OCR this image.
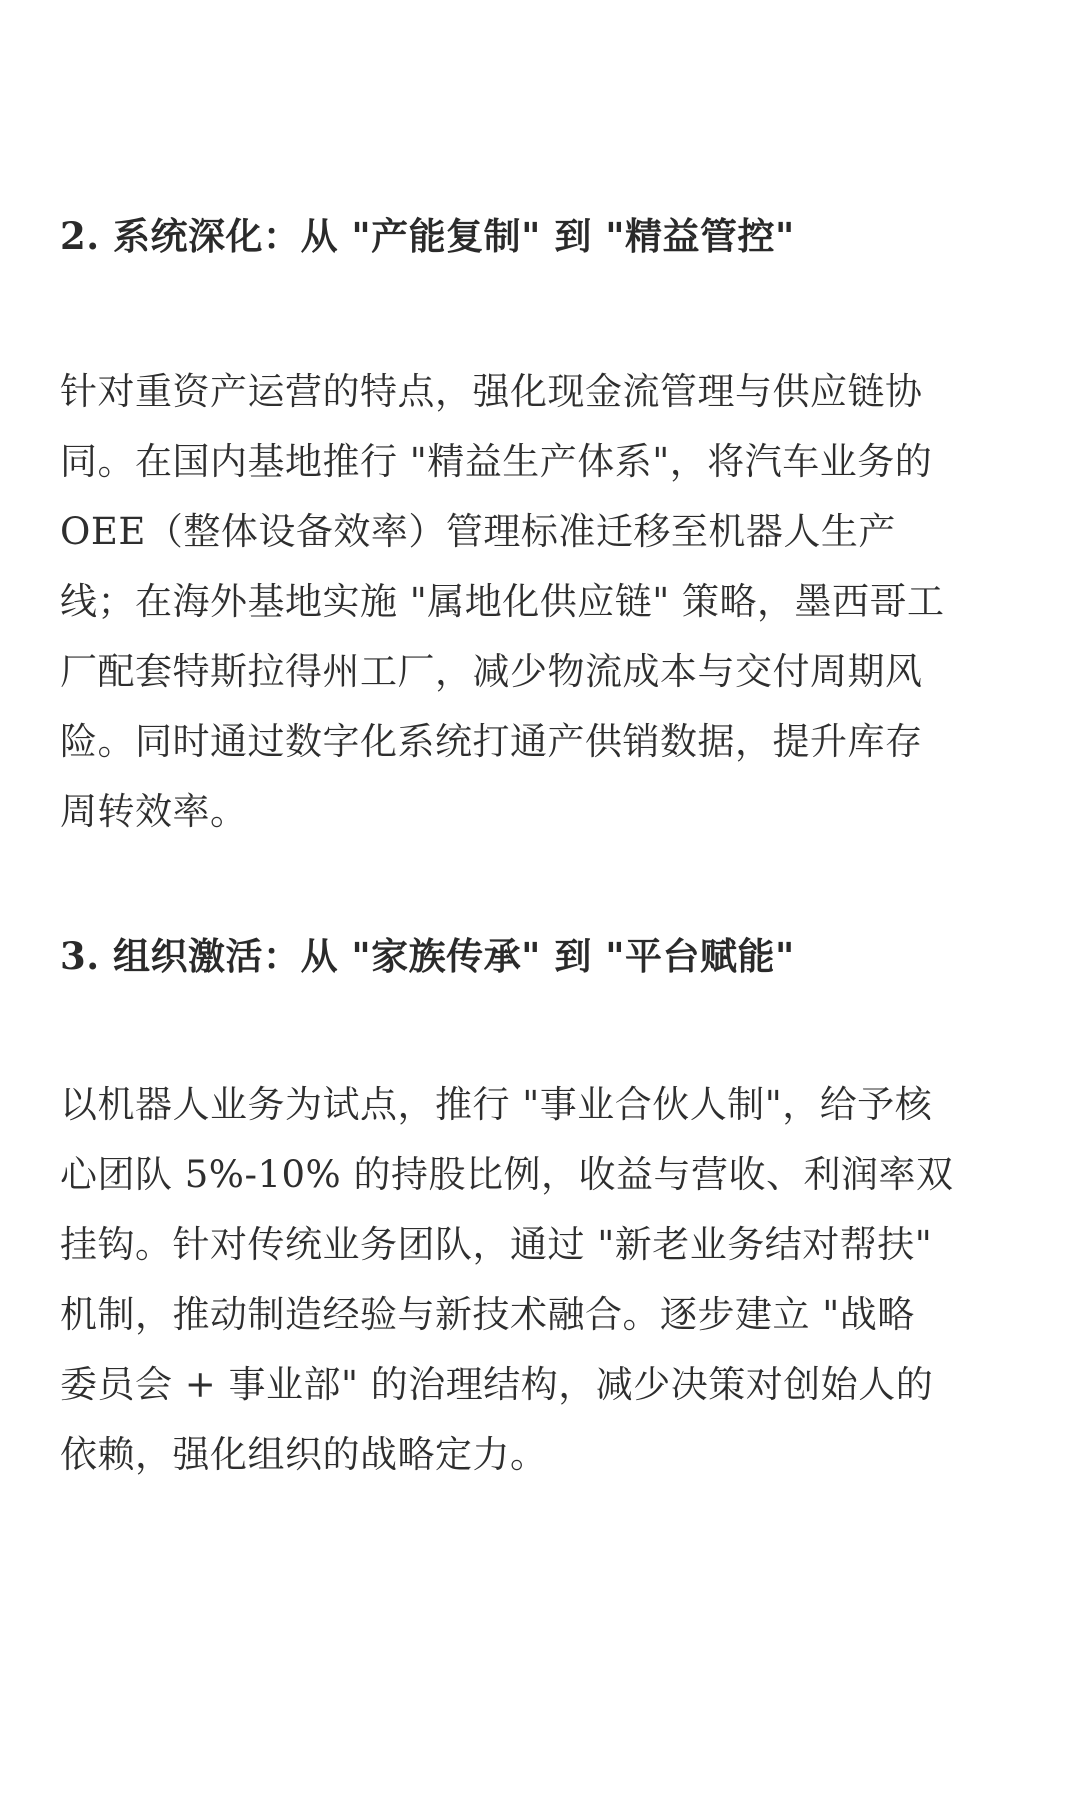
2. 系统深化：从 "产能复制" 到 "精益管控"
针对重资产运营的特点，强化现金流管理与供应链协
同。在国内基地推行 "精益生产体系"，将汽车业务的
OEE（整体设备效率）管理标准迁移至机器人生产
线；在海外基地实施 "属地化供应链" 策略，墨西哥工
厂配套特斯拉得州工厂，减少物流成本与交付周期风
险。同时通过数字化系统打通产供销数据，提升库存
周转效率。
3. 组织激活：从 "家族传承" 到 "平台赋能"
以机器人业务为试点，推行 "事业合伙人制"，给予核
心团队 5%-10% 的持股比例，收益与营收、利润率双
挂钩。针对传统业务团队，通过 "新老业务结对帮扶"
机制，推动制造经验与新技术融合。逐步建立 "战略
委员会 + 事业部" 的治理结构，减少决策对创始人的
依赖，强化组织的战略定力。
